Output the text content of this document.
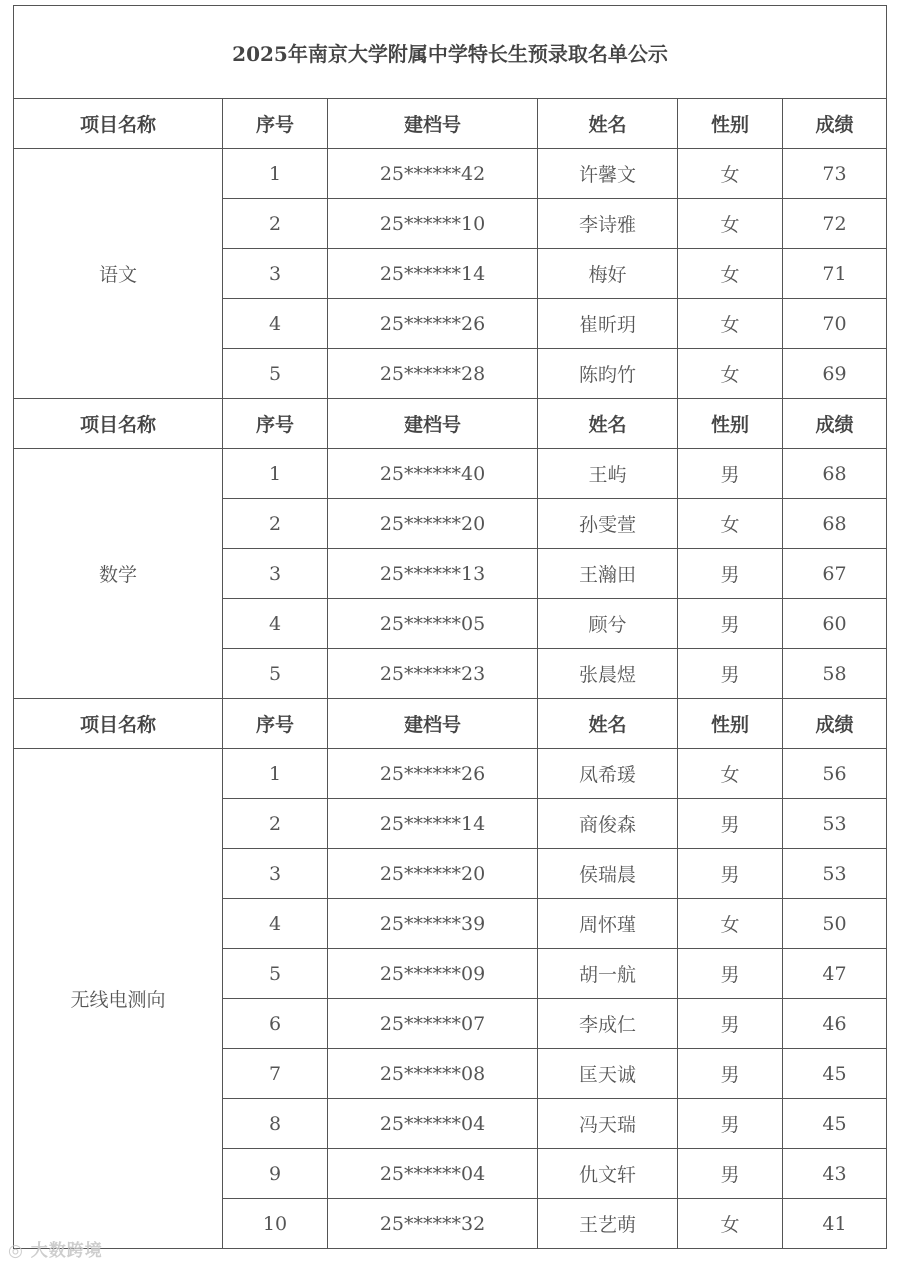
2025年南京大学附属中学特长生预录取名单公示					
项目名称	序号	建档号	姓名	性别	成绩
语文	1	25******42	许馨文	女	73
	2	25******10	李诗雅	女	72
	3	25******14	梅好	女	71
	4	25******26	崔昕玥	女	70
	5	25******28	陈昀竹	女	69
项目名称	序号	建档号	姓名	性别	成绩
数学	1	25******40	王屿	男	68
	2	25******20	孙雯萱	女	68
	3	25******13	王瀚田	男	67
	4	25******05	顾兮	男	60
	5	25******23	张晨煜	男	58
项目名称	序号	建档号	姓名	性别	成绩
无线电测向	1	25******26	凤希瑗	女	56
	2	25******14	商俊森	男	53
	3	25******20	侯瑞晨	男	53
	4	25******39	周怀瑾	女	50
	5	25******09	胡一航	男	47
	6	25******07	李成仁	男	46
	7	25******08	匡天诚	男	45
	8	25******04	冯天瑞	男	45
	9	25******04	仇文轩	男	43
	10	25******32	王艺萌	女	41
◎ 大数跨境
